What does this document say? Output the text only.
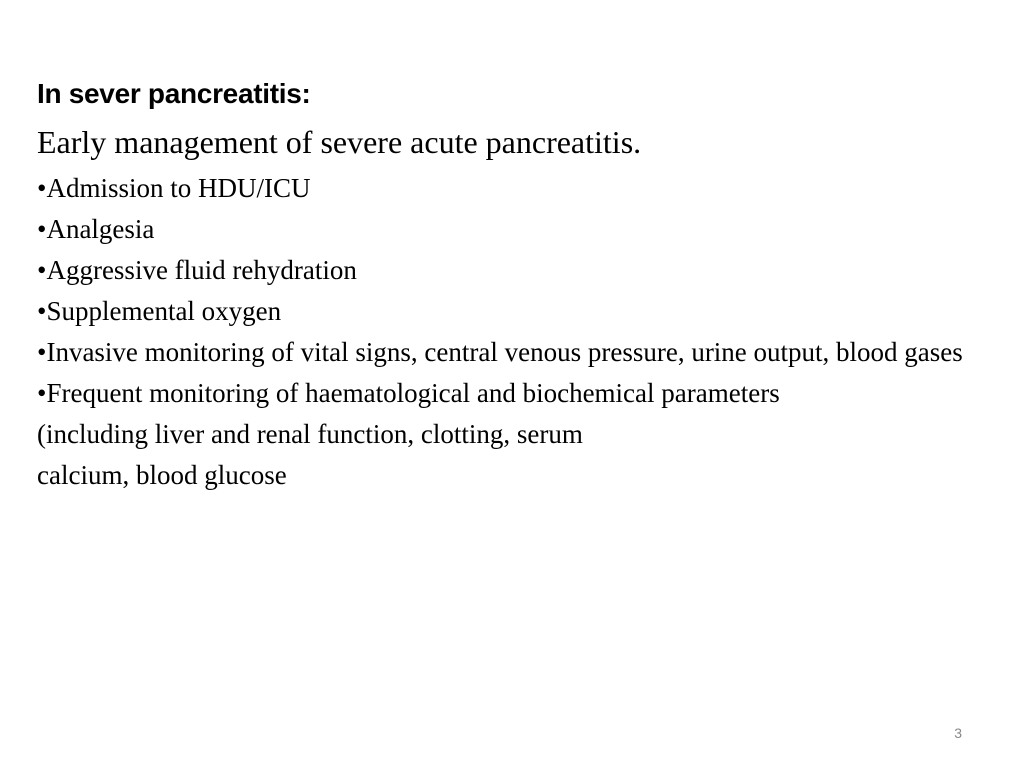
In sever pancreatitis:
Early management of severe acute pancreatitis.
•Admission to HDU/ICU
•Analgesia
•Aggressive fluid rehydration
•Supplemental oxygen
•Invasive monitoring of vital signs, central venous pressure, urine output, blood gases
•Frequent monitoring of haematological and biochemical parameters
(including liver and renal function, clotting, serum
calcium, blood glucose
3
